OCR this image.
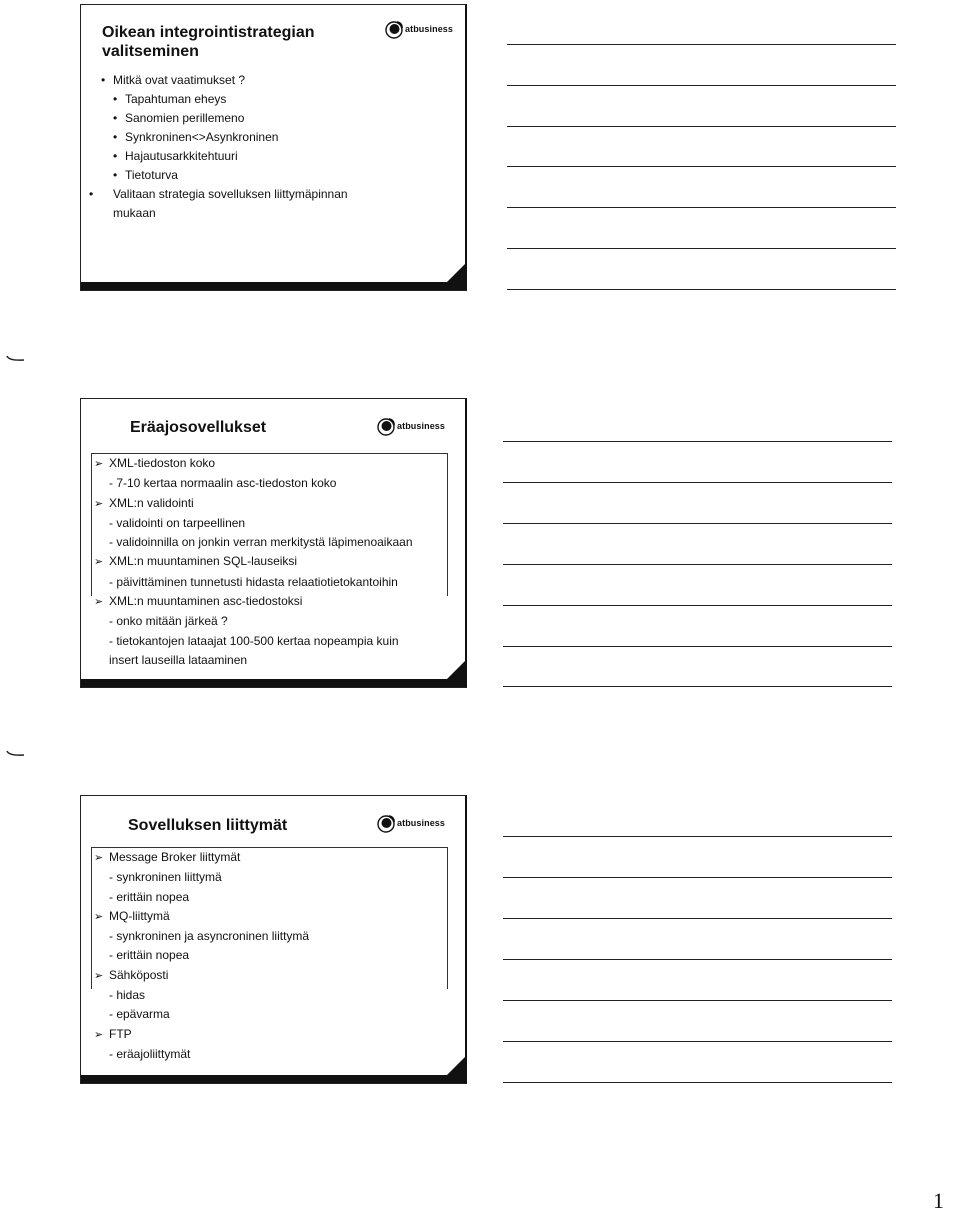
Oikean integrointistrategian
valitseminen
atbusiness
• Mitkä ovat vaatimukset ?
• Tapahtuman eheys
• Sanomien perillemeno
• Synkroninen<>Asynkroninen
• Hajautusarkkitehtuuri
• Tietoturva
• Valitaan strategia sovelluksen liittymäpinnan mukaan
Eräajosovellukset	atbusiness
➢ XML-tiedoston koko
- 7-10 kertaa normaalin asc-tiedoston koko
➢ XML:n validointi
- validointi on tarpeellinen
- validoinnilla on jonkin verran merkitystä läpimenoaikaan
➢ XML:n muuntaminen SQL-lauseiksi
- päivittäminen tunnetusti hidasta relaatiotietokantoihin
➢ XML:n muuntaminen asc-tiedostoksi
- onko mitään järkeä ?
- tietokantojen lataajat 100-500 kertaa nopeampia kuin
insert lauseilla lataaminen
Sovelluksen liittymät	atbusiness
➢ Message Broker liittymät
- synkroninen liittymä
- erittäin nopea
➢ MQ-liittymä
- synkroninen ja asyncroninen liittymä
- erittäin nopea
➢ Sähköposti
- hidas
- epävarma
➢ FTP
- eräajoliittymät
1
